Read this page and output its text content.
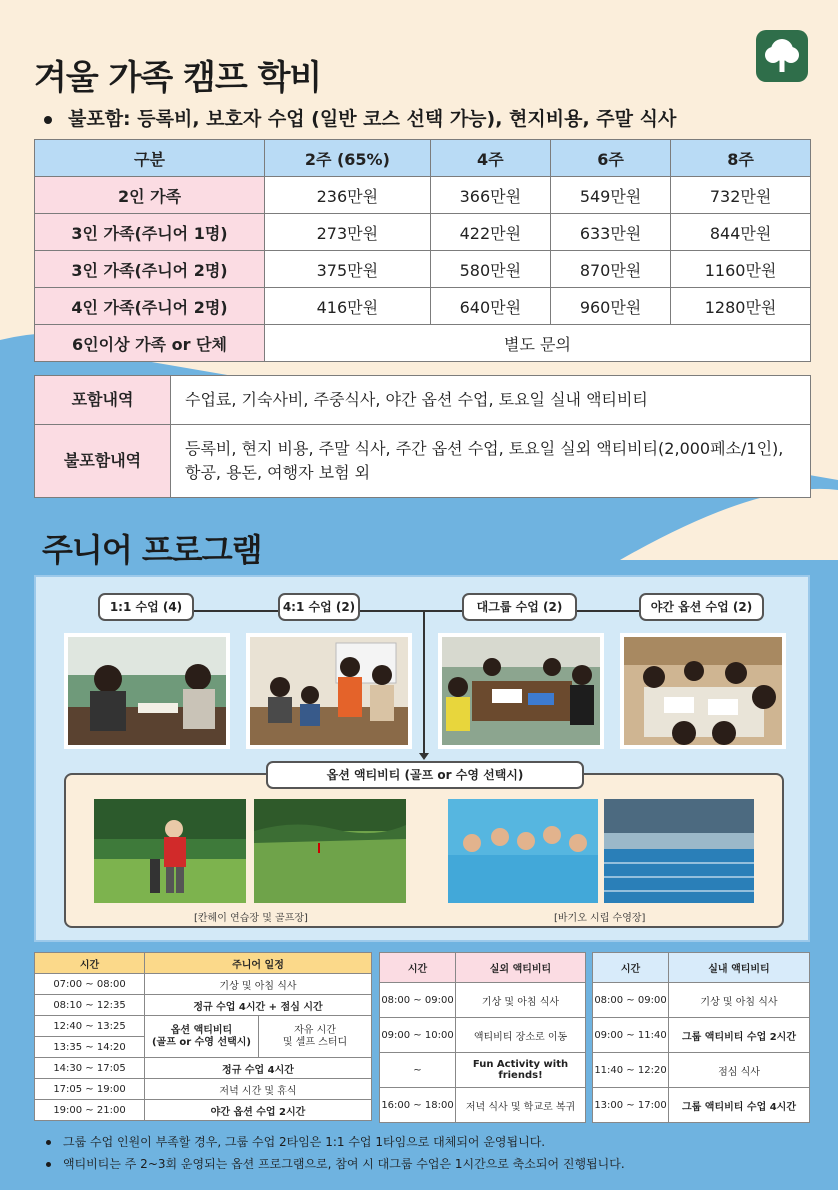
겨울 가족 캠프 학비
불포함: 등록비, 보호자 수업 (일반 코스 선택 가능), 현지비용, 주말 식사
구분	2주 (65%)	4주	6주	8주
2인 가족	236만원	366만원	549만원	732만원
3인 가족(주니어 1명)	273만원	422만원	633만원	844만원
3인 가족(주니어 2명)	375만원	580만원	870만원	1160만원
4인 가족(주니어 2명)	416만원	640만원	960만원	1280만원
6인이상 가족 or 단체	별도 문의			
포함내역	수업료, 기숙사비, 주중식사, 야간 옵션 수업, 토요일 실내 액티비티
불포함내역	등록비, 현지 비용, 주말 식사, 주간 옵션 수업, 토요일 실외 액티비티(2,000페소/1인), 항공, 용돈, 여행자 보험 외
주니어 프로그램
1:1 수업 (4)	4:1 수업 (2)	대그룹 수업 (2)	야간 옵션 수업 (2)
옵션 액티비티 (골프 or 수영 선택시)
[칸헤이 연습장 및 골프장]	[바기오 시립 수영장]
시간	주니어 일정	
07:00 ~ 08:00	기상 및 아침 식사	
08:10 ~ 12:35	정규 수업 4시간 + 점심 시간	
12:40 ~ 13:25	옵션 액티비티
(골프 or 수영 선택시)	자유 시간
및 셀프 스터디
13:35 ~ 14:20		
14:30 ~ 17:05	정규 수업 4시간	
17:05 ~ 19:00	저녁 시간 및 휴식	
19:00 ~ 21:00	야간 옵션 수업 2시간	
시간	실외 액티비티
08:00 ~ 09:00	기상 및 아침 식사
09:00 ~ 10:00	액티비티 장소로 이동
~	Fun Activity with friends!
16:00 ~ 18:00	저녁 식사 및 학교로 복귀
시간	실내 액티비티
08:00 ~ 09:00	기상 및 아침 식사
09:00 ~ 11:40	그룹 액티비티 수업 2시간
11:40 ~ 12:20	점심 식사
13:00 ~ 17:00	그룹 액티비티 수업 4시간
그룹 수업 인원이 부족할 경우, 그룹 수업 2타임은 1:1 수업 1타임으로 대체되어 운영됩니다.
액티비티는 주 2~3회 운영되는 옵션 프로그램으로, 참여 시 대그룹 수업은 1시간으로 축소되어 진행됩니다.
